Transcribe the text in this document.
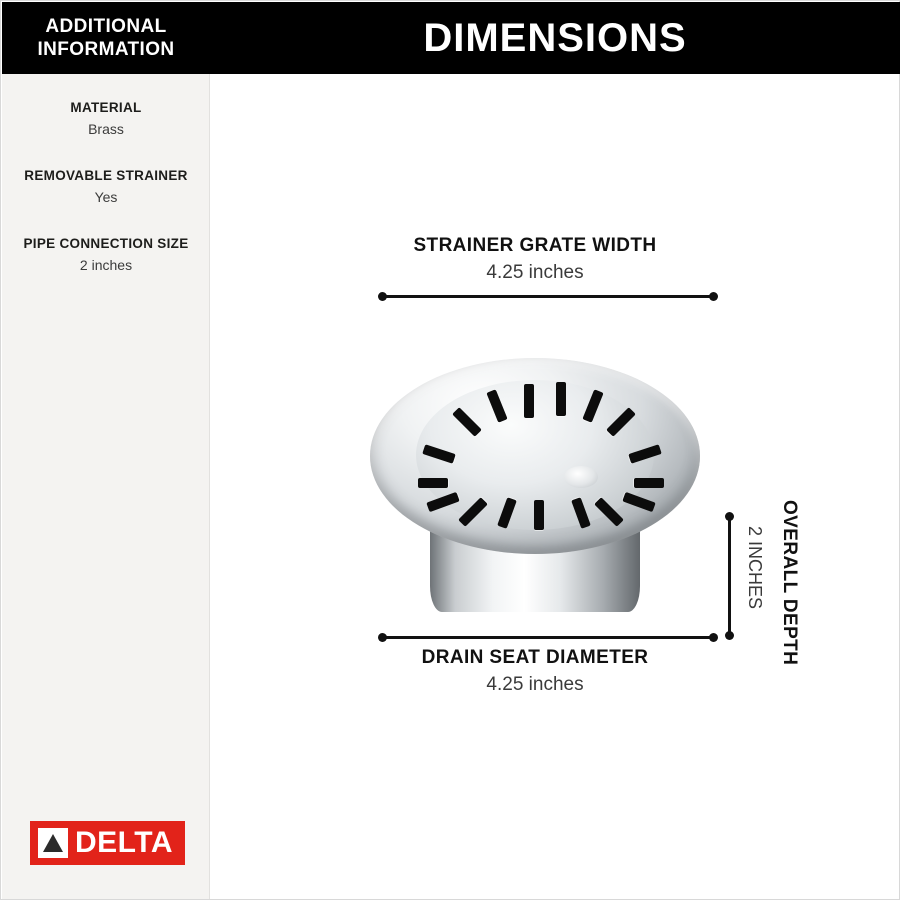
ADDITIONAL
INFORMATION
MATERIAL
Brass
REMOVABLE STRAINER
Yes
PIPE CONNECTION SIZE
2 inches
DELTA
DIMENSIONS
STRAINER GRATE WIDTH
4.25 inches
DRAIN SEAT DIAMETER
4.25 inches
2 INCHES OVERALL DEPTH
